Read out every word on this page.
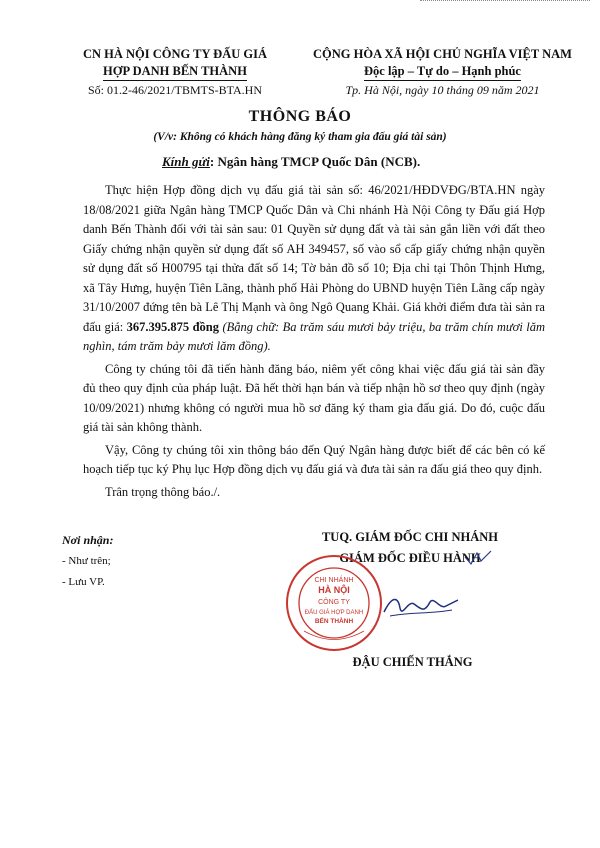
CN HÀ NỘI CÔNG TY ĐẤU GIÁ
HỢP DANH BẾN THÀNH
Số: 01.2-46/2021/TBMTS-BTA.HN
CỘNG HÒA XÃ HỘI CHỦ NGHĨA VIỆT NAM
Độc lập – Tự do – Hạnh phúc
Tp. Hà Nội, ngày 10 tháng 09 năm 2021
THÔNG BÁO
(V/v: Không có khách hàng đăng ký tham gia đấu giá tài sản)
Kính gửi: Ngân hàng TMCP Quốc Dân (NCB).

Thực hiện Hợp đồng dịch vụ đấu giá tài sản số: 46/2021/HĐDVĐG/BTA.HN ngày 18/08/2021 giữa Ngân hàng TMCP Quốc Dân và Chi nhánh Hà Nội Công ty Đấu giá Hợp danh Bến Thành đối với tài sản sau: 01 Quyền sử dụng đất và tài sản gắn liền với đất theo Giấy chứng nhận quyền sử dụng đất số AH 349457, số vào sổ cấp giấy chứng nhận quyền sử dụng đất số H00795 tại thửa đất số 14; Tờ bản đồ số 10; Địa chỉ tại Thôn Thịnh Hưng, xã Tây Hưng, huyện Tiên Lãng, thành phố Hải Phòng do UBND huyện Tiên Lãng cấp ngày 31/10/2007 đứng tên bà Lê Thị Mạnh và ông Ngô Quang Khải. Giá khởi điểm đưa tài sản ra đấu giá: 367.395.875 đồng (Bằng chữ: Ba trăm sáu mươi bảy triệu, ba trăm chín mươi lăm nghìn, tám trăm bảy mươi lăm đồng).

Công ty chúng tôi đã tiến hành đăng báo, niêm yết công khai việc đấu giá tài sản đầy đủ theo quy định của pháp luật. Đã hết thời hạn bán và tiếp nhận hồ sơ theo quy định (ngày 10/09/2021) nhưng không có người mua hồ sơ đăng ký tham gia đấu giá. Do đó, cuộc đấu giá tài sản không thành.

Vậy, Công ty chúng tôi xin thông báo đến Quý Ngân hàng được biết để các bên có kế hoạch tiếp tục ký Phụ lục Hợp đồng dịch vụ đấu giá và đưa tài sản ra đấu giá theo quy định.

Trân trọng thông báo./.

Nơi nhận:
- Như trên;
- Lưu VP.
TUQ. GIÁM ĐỐC CHI NHÁNH
GIÁM ĐỐC ĐIỀU HÀNH
CHI NHÁNH
HÀ NỘI
CÔNG TY
ĐẤU GIÁ HỢP DANH
BẾN THÀNH
ĐẬU CHIẾN THẮNG
